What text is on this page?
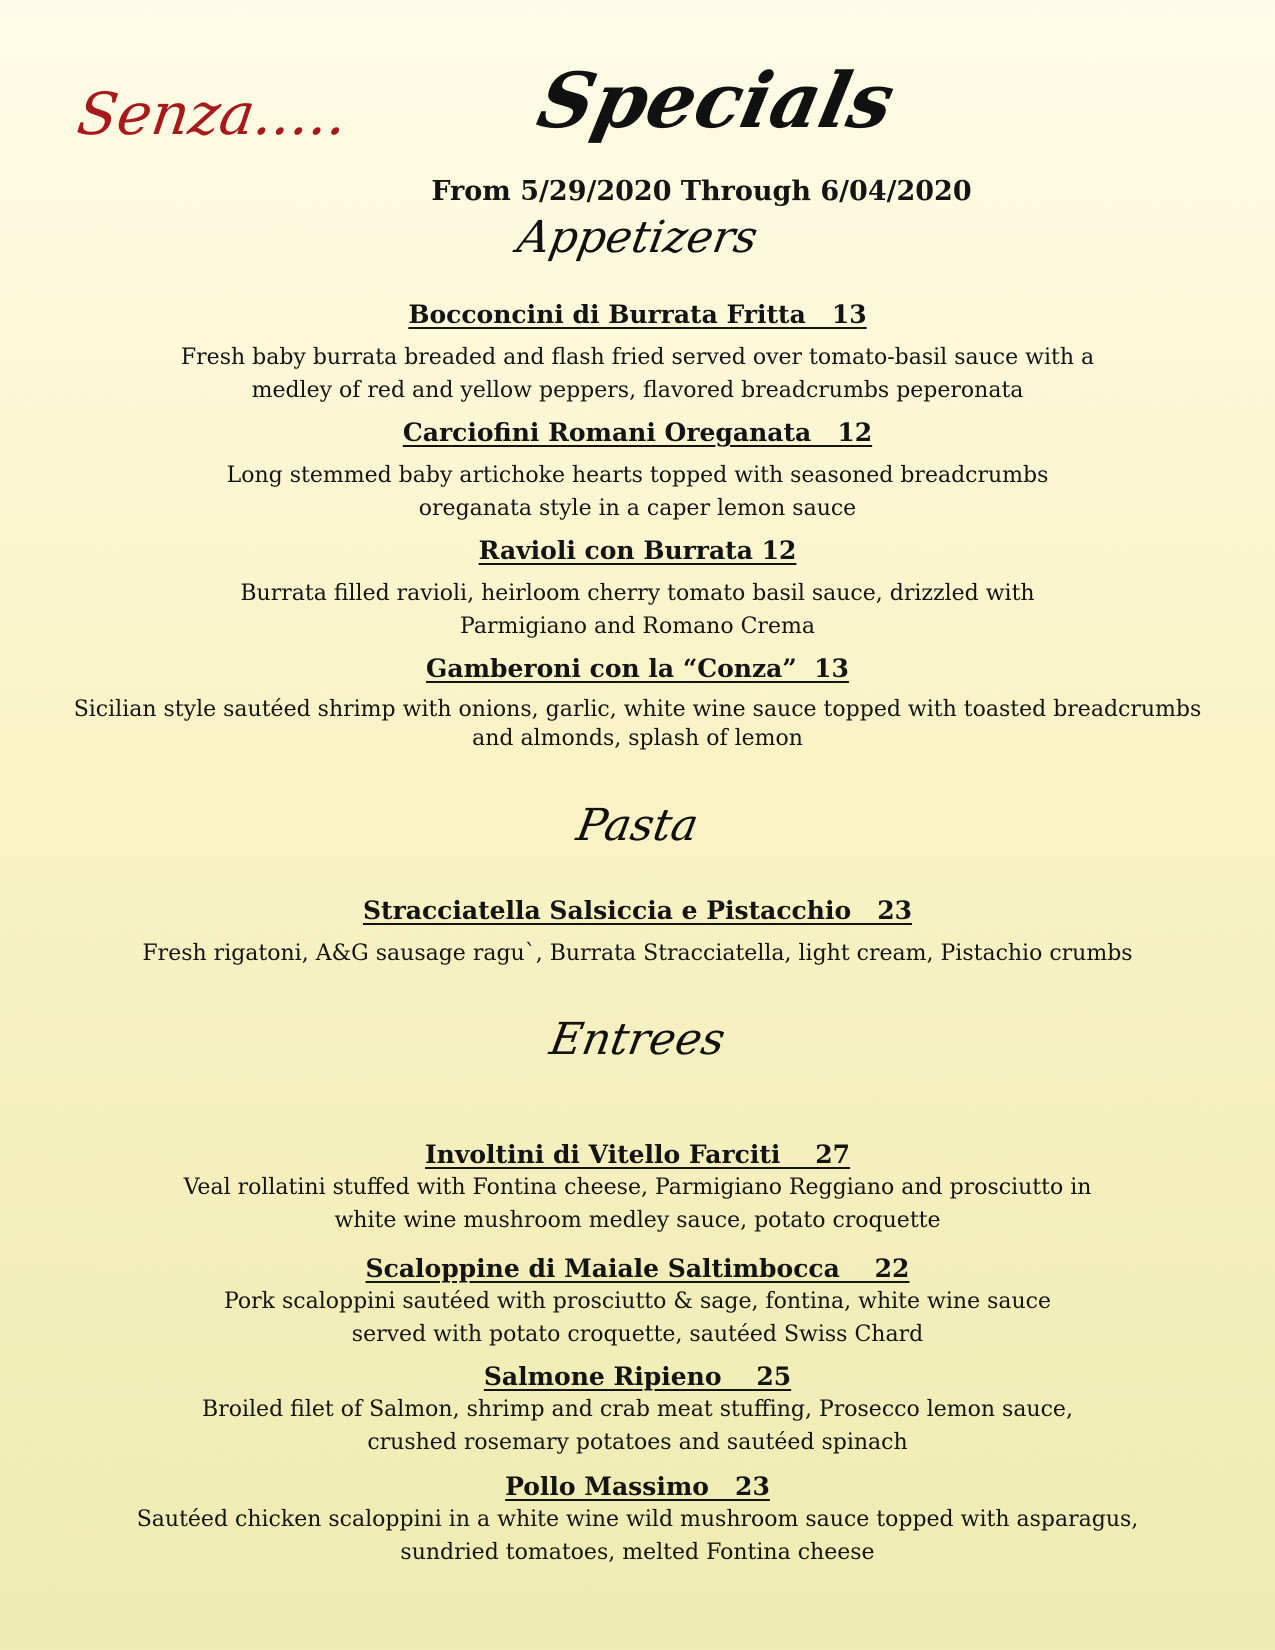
Senza..... Specials
From 5/29/2020 Through 6/04/2020
Appetizers
Bocconcini di Burrata Fritta   13
Fresh baby burrata breaded and flash fried served over tomato-basil sauce with a
medley of red and yellow peppers, flavored breadcrumbs peperonata
Carciofini Romani Oreganata   12
Long stemmed baby artichoke hearts topped with seasoned breadcrumbs
oreganata style in a caper lemon sauce
Ravioli con Burrata 12
Burrata filled ravioli, heirloom cherry tomato basil sauce, drizzled with
Parmigiano and Romano Crema
Gamberoni con la “Conza”  13
Sicilian style sautéed shrimp with onions, garlic, white wine sauce topped with toasted breadcrumbs
and almonds, splash of lemon
Pasta
Stracciatella Salsiccia e Pistacchio   23
Fresh rigatoni, A&G sausage ragu`, Burrata Stracciatella, light cream, Pistachio crumbs
Entrees
Involtini di Vitello Farciti    27
Veal rollatini stuffed with Fontina cheese, Parmigiano Reggiano and prosciutto in
white wine mushroom medley sauce, potato croquette
Scaloppine di Maiale Saltimbocca    22
Pork scaloppini sautéed with prosciutto & sage, fontina, white wine sauce
served with potato croquette, sautéed Swiss Chard
Salmone Ripieno    25
Broiled filet of Salmon, shrimp and crab meat stuffing, Prosecco lemon sauce,
crushed rosemary potatoes and sautéed spinach
Pollo Massimo   23
Sautéed chicken scaloppini in a white wine wild mushroom sauce topped with asparagus,
sundried tomatoes, melted Fontina cheese
